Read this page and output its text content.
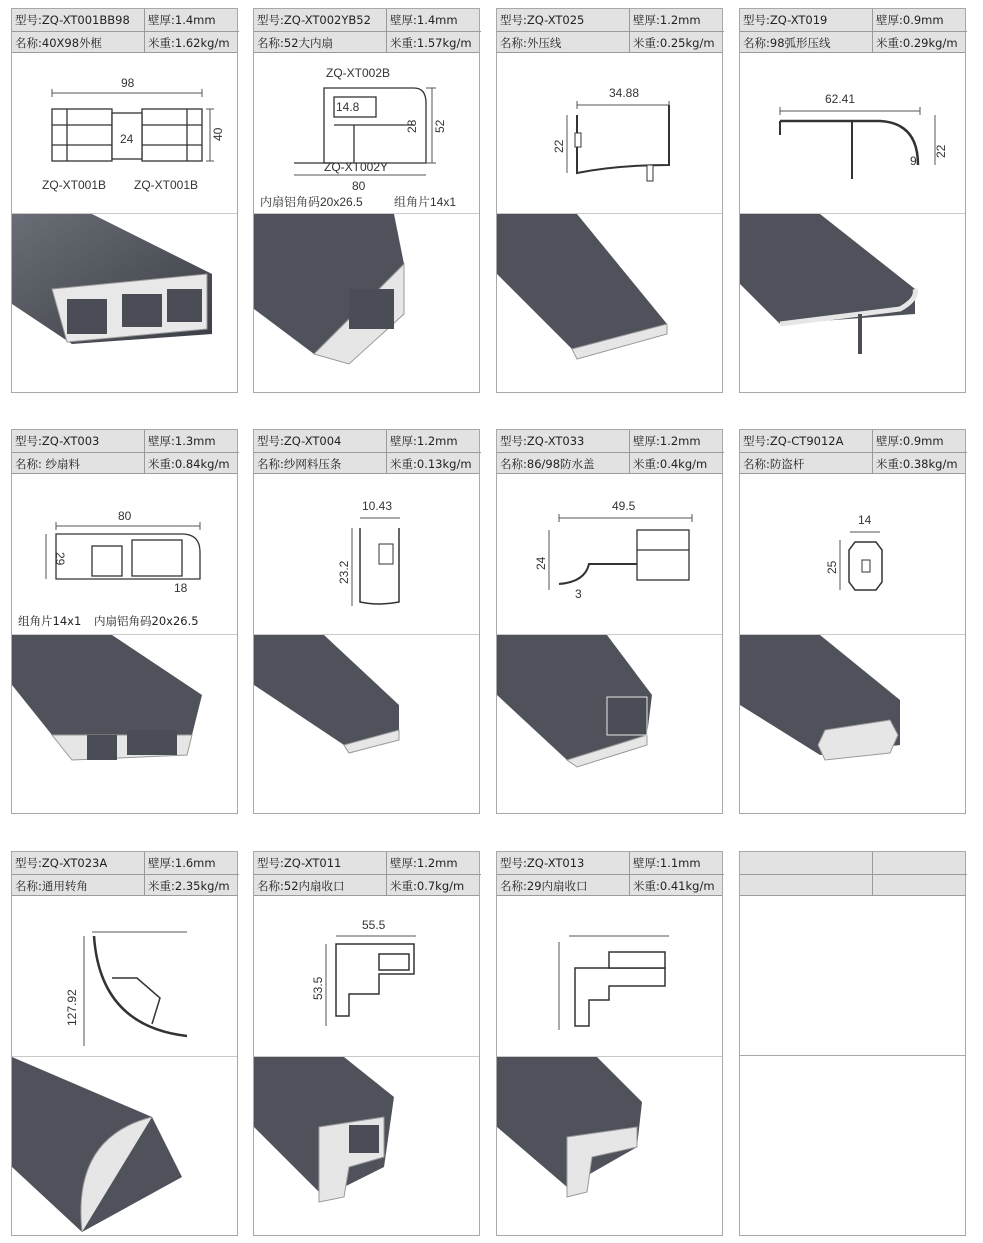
型号:ZQ-XT001BB98	壁厚:1.4mm
名称:40X98外框	米重:1.62kg/m
98
24	40
ZQ-XT001B ZQ-XT001B
型号:ZQ-XT002YB52	壁厚:1.4mm
名称:52大内扇	米重:1.57kg/m
ZQ-XT002B
14.8
28 52
ZQ-XT002Y
80
内扇铝角码20x26.5	组角片14x1
型号:ZQ-XT025	壁厚:1.2mm
名称:外压线	米重:0.25kg/m
34.88
22
型号:ZQ-XT019	壁厚:0.9mm
名称:98弧形压线	米重:0.29kg/m
62.41
22
9
型号:ZQ-XT003	壁厚:1.3mm
名称: 纱扇料	米重:0.84kg/m
80
29
18
组角片14x1 内扇铝角码20x26.5
型号:ZQ-XT004	壁厚:1.2mm
名称:纱网料压条	米重:0.13kg/m
10.43
23.2
型号:ZQ-XT033	壁厚:1.2mm
名称:86/98防水盖	米重:0.4kg/m
49.5
24
3
型号:ZQ-CT9012A	壁厚:0.9mm
名称:防盗杆	米重:0.38kg/m
14
25
型号:ZQ-XT023A	壁厚:1.6mm
名称:通用转角	米重:2.35kg/m
127.92
型号:ZQ-XT011	壁厚:1.2mm
名称:52内扇收口	米重:0.7kg/m
55.5
53.5
型号:ZQ-XT013	壁厚:1.1mm
名称:29内扇收口	米重:0.41kg/m
